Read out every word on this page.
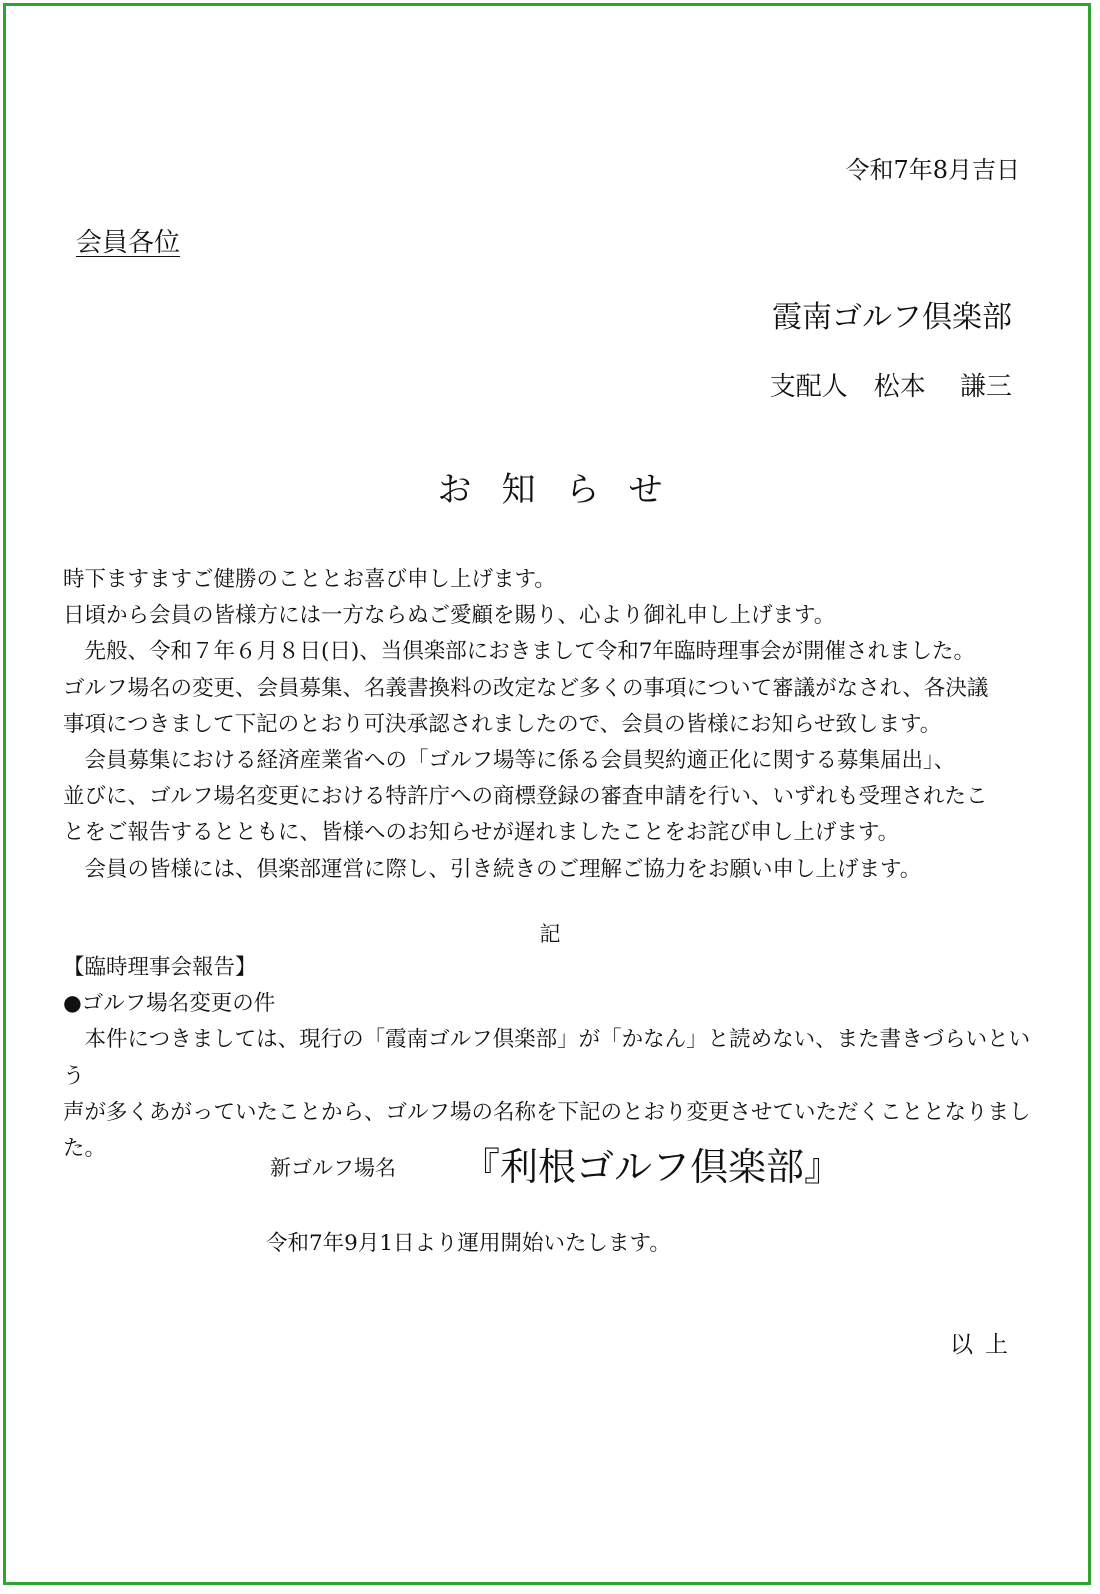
令和7年8月吉日
会員各位
霞南ゴルフ倶楽部
支配人　松本　 謙三
お知らせ

時下ますますご健勝のこととお喜び申し上げます。

日頃から会員の皆様方には一方ならぬご愛顧を賜り、心より御礼申し上げます。

　先般、令和７年６月８日(日)、当倶楽部におきまして令和7年臨時理事会が開催されました。

ゴルフ場名の変更、会員募集、名義書換料の改定など多くの事項について審議がなされ、各決議

事項につきまして下記のとおり可決承認されましたので、会員の皆様にお知らせ致します。

　会員募集における経済産業省への「ゴルフ場等に係る会員契約適正化に関する募集届出」、

並びに、ゴルフ場名変更における特許庁への商標登録の審査申請を行い、いずれも受理されたこ

とをご報告するとともに、皆様へのお知らせが遅れましたことをお詫び申し上げます。

　会員の皆様には、倶楽部運営に際し、引き続きのご理解ご協力をお願い申し上げます。

記

【臨時理事会報告】

●ゴルフ場名変更の件

　本件につきましては、現行の「霞南ゴルフ倶楽部」が「かなん」と読めない、また書きづらいという

声が多くあがっていたことから、ゴルフ場の名称を下記のとおり変更させていただくこととなりました。

新ゴルフ場名 『利根ゴルフ倶楽部』
令和7年9月1日より運用開始いたします。
以上
